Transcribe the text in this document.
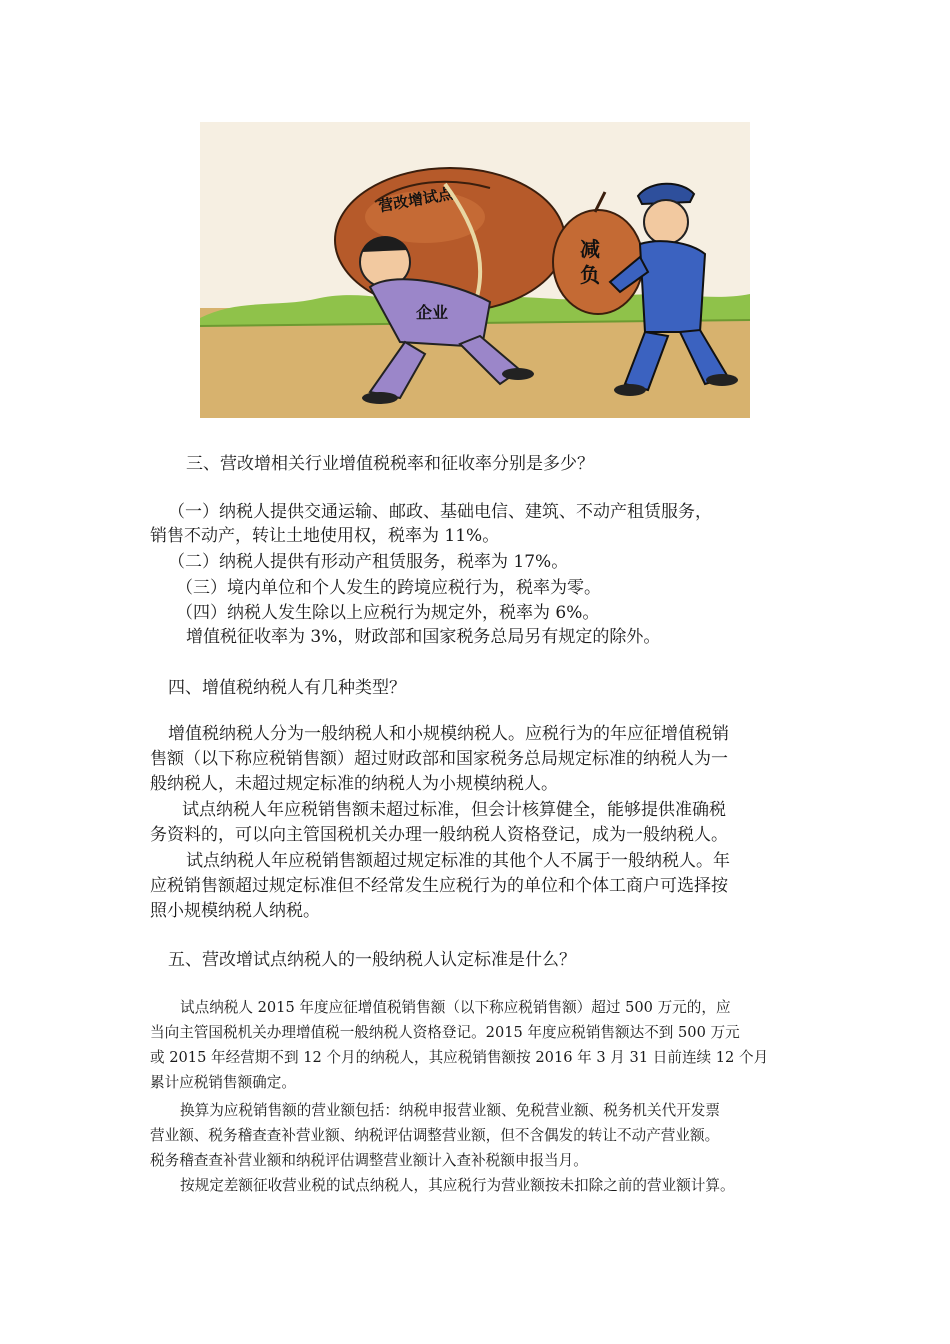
营改增试点
企业
减
负
三、营改增相关行业增值税税率和征收率分别是多少？
（一）纳税人提供交通运输、邮政、基础电信、建筑、不动产租赁服务，
销售不动产，转让土地使用权，税率为 11%。
（二）纳税人提供有形动产租赁服务，税率为 17%。
（三）境内单位和个人发生的跨境应税行为，税率为零。
（四）纳税人发生除以上应税行为规定外，税率为 6%。
增值税征收率为 3%，财政部和国家税务总局另有规定的除外。
四、增值税纳税人有几种类型？
增值税纳税人分为一般纳税人和小规模纳税人。应税行为的年应征增值税销
售额（以下称应税销售额）超过财政部和国家税务总局规定标准的纳税人为一
般纳税人，未超过规定标准的纳税人为小规模纳税人。
试点纳税人年应税销售额未超过标准，但会计核算健全，能够提供准确税
务资料的，可以向主管国税机关办理一般纳税人资格登记，成为一般纳税人。
试点纳税人年应税销售额超过规定标准的其他个人不属于一般纳税人。年
应税销售额超过规定标准但不经常发生应税行为的单位和个体工商户可选择按
照小规模纳税人纳税。
五、营改增试点纳税人的一般纳税人认定标准是什么？
试点纳税人 2015 年度应征增值税销售额（以下称应税销售额）超过 500 万元的，应
当向主管国税机关办理增值税一般纳税人资格登记。2015 年度应税销售额达不到 500 万元
或 2015 年经营期不到 12 个月的纳税人，其应税销售额按 2016 年 3 月 31 日前连续 12 个月
累计应税销售额确定。
换算为应税销售额的营业额包括：纳税申报营业额、免税营业额、税务机关代开发票
营业额、税务稽查查补营业额、纳税评估调整营业额，但不含偶发的转让不动产营业额。
税务稽查查补营业额和纳税评估调整营业额计入查补税额申报当月。
按规定差额征收营业税的试点纳税人，其应税行为营业额按未扣除之前的营业额计算。
